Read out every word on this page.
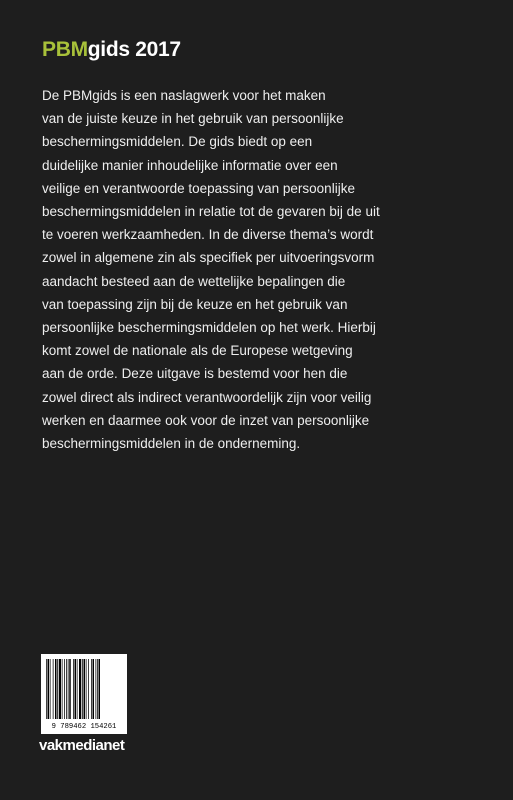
PBMgids 2017
De PBMgids is een naslagwerk voor het maken
van de juiste keuze in het gebruik van persoonlijke
beschermingsmiddelen. De gids biedt op een
duidelijke manier inhoudelijke informatie over een
veilige en verantwoorde toepassing van persoonlijke
beschermingsmiddelen in relatie tot de gevaren bij de uit
te voeren werkzaamheden. In de diverse thema’s wordt
zowel in algemene zin als specifiek per uitvoeringsvorm
aandacht besteed aan de wettelijke bepalingen die
van toepassing zijn bij de keuze en het gebruik van
persoonlijke beschermingsmiddelen op het werk. Hierbij
komt zowel de nationale als de Europese wetgeving
aan de orde. Deze uitgave is bestemd voor hen die
zowel direct als indirect verantwoordelijk zijn voor veilig
werken en daarmee ook voor de inzet van persoonlijke
beschermingsmiddelen in de onderneming.
9 789462 154261
vakmedianet
